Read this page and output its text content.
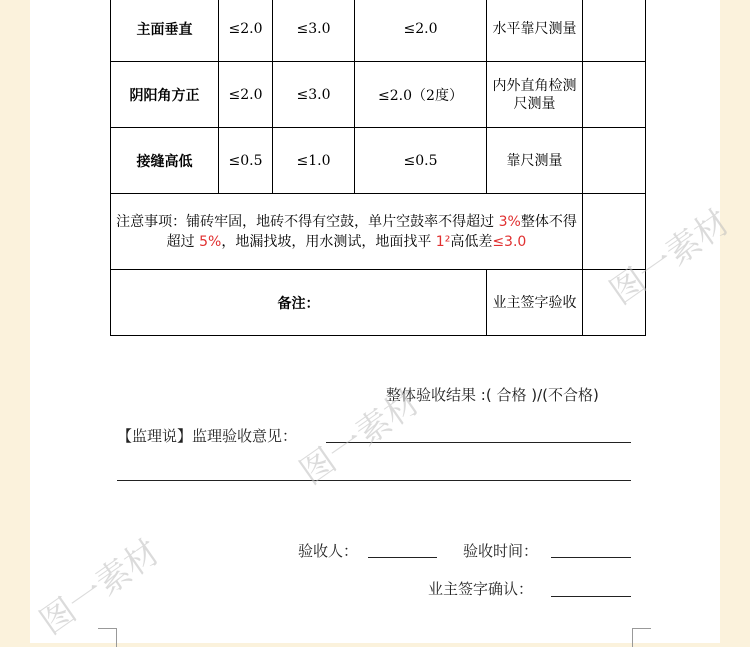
主面垂直	≤2.0	≤3.0	≤2.0	水平靠尺测量	
阴阳角方正	≤2.0	≤3.0	≤2.0（2度）	内外直角检测尺测量	
接缝高低	≤0.5	≤1.0	≤0.5	靠尺测量	
注意事项：铺砖牢固，地砖不得有空鼓，单片空鼓率不得超过 3%整体不得超过 5%，地漏找坡，用水测试，地面找平 1²高低差≤3.0					
备注：				业主签字验收	
整体验收结果 :( 合格 )/(不合格)
【监理说】监理验收意见：
验收人：	验收时间：
业主签字确认：
图一素材
图一素材
图一素材
